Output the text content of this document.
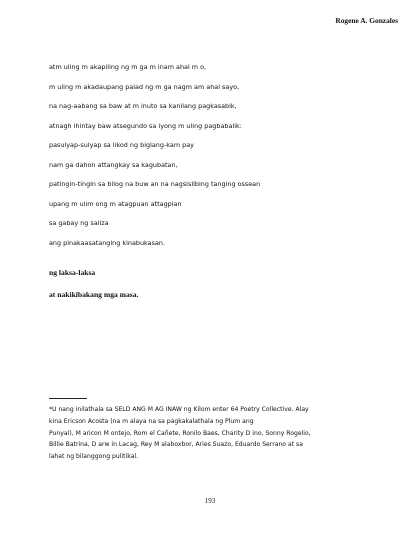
Rogene A. Gonzales
atm uling m akapiling ng m ga m inam ahal m o,
m uling m akadaupang palad ng m ga nagm am ahal sayo,
na nag-aabang sa baw at m inuto sa kanilang pagkasabik,
atnagh ihintay baw atsegundo sa iyong m uling pagbabalik:
pasulyap-sulyap sa likod ng biglang-kam pay
nam ga dahon attangkay sa kagubatan,
patingin-tingin sa bilog na buw an na nagsisilbing tanging ossean
upang m ulim ong m atagpuan attagpian
sa gabay ng saliza
ang pinakaasatanging kinabukasan.
ng laksa-laksa
at nakikibakang mga masa.
*U nang inilathala sa SELD ANG M AG INAW ng Kilom enter 64 Poetry Collective. Alay
kina Ericson Acosta (na m alaya na sa pagkakalathala ng Plum ang
Punyal), M aricon M ontejo, Rom el Cañete, Ronilo Baes, Charity D ino, Sonny Rogelio,
Billie Batrina, D arw in Lacag, Rey M alaboxbor, Aries Suazo, Eduardo Serrano at sa
lahat ng bilanggong pulitikal.
193
